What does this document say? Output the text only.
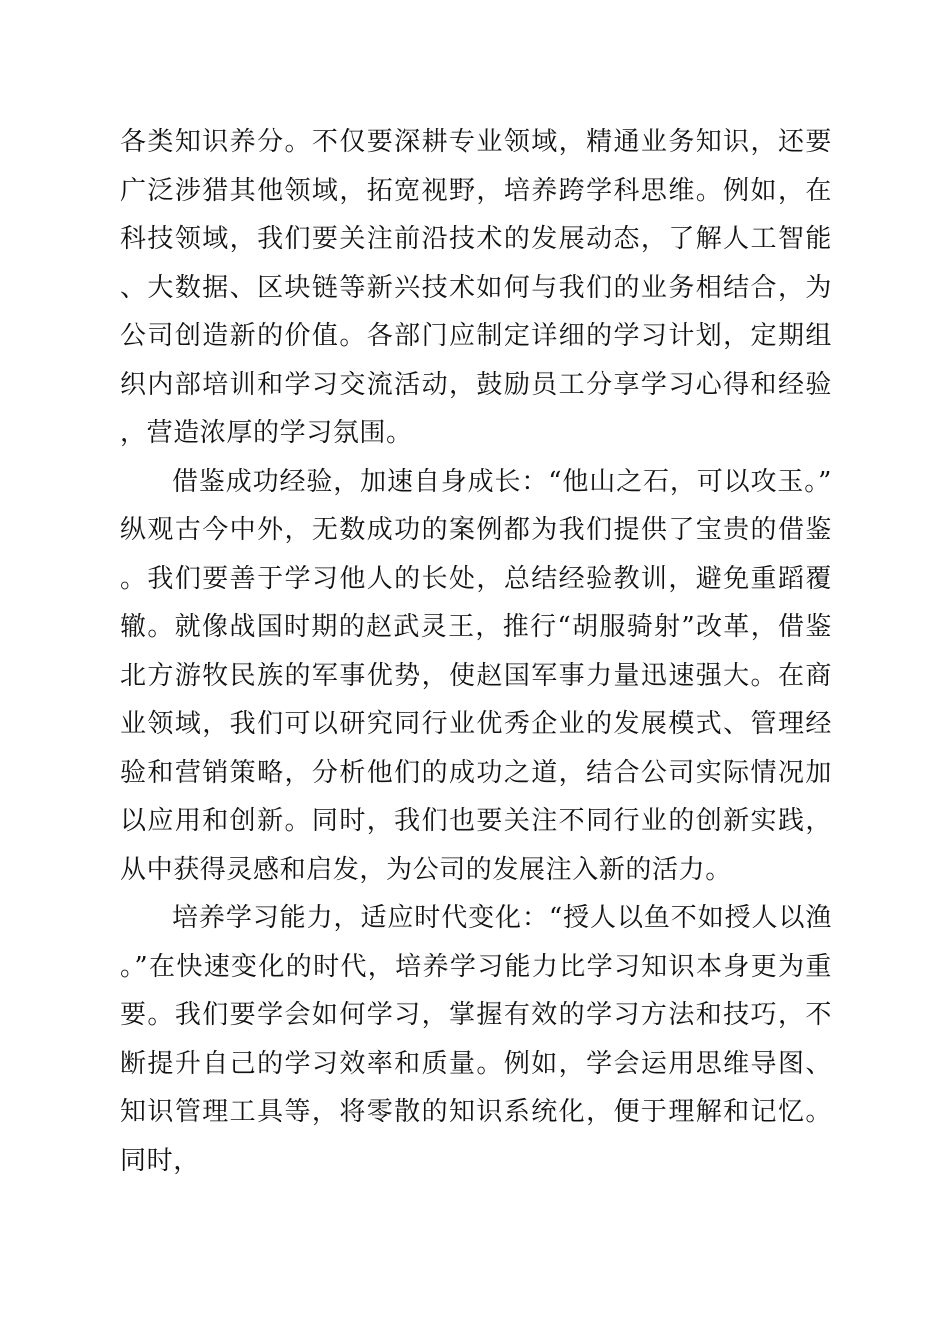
各类知识养分。不仅要深耕专业领域，精通业务知识，还要广泛涉猎其他领域，拓宽视野，培养跨学科思维。例如，在科技领域，我们要关注前沿技术的发展动态，了解人工智能、大数据、区块链等新兴技术如何与我们的业务相结合，为公司创造新的价值。各部门应制定详细的学习计划，定期组织内部培训和学习交流活动，鼓励员工分享学习心得和经验，营造浓厚的学习氛围。

借鉴成功经验，加速自身成长：“他山之石，可以攻玉。”纵观古今中外，无数成功的案例都为我们提供了宝贵的借鉴。我们要善于学习他人的长处，总结经验教训，避免重蹈覆辙。就像战国时期的赵武灵王，推行“胡服骑射”改革，借鉴北方游牧民族的军事优势，使赵国军事力量迅速强大。在商业领域，我们可以研究同行业优秀企业的发展模式、管理经验和营销策略，分析他们的成功之道，结合公司实际情况加以应用和创新。同时，我们也要关注不同行业的创新实践，从中获得灵感和启发，为公司的发展注入新的活力。

培养学习能力，适应时代变化：“授人以鱼不如授人以渔。”在快速变化的时代，培养学习能力比学习知识本身更为重要。我们要学会如何学习，掌握有效的学习方法和技巧，不断提升自己的学习效率和质量。例如，学会运用思维导图、知识管理工具等，将零散的知识系统化，便于理解和记忆。同时，
